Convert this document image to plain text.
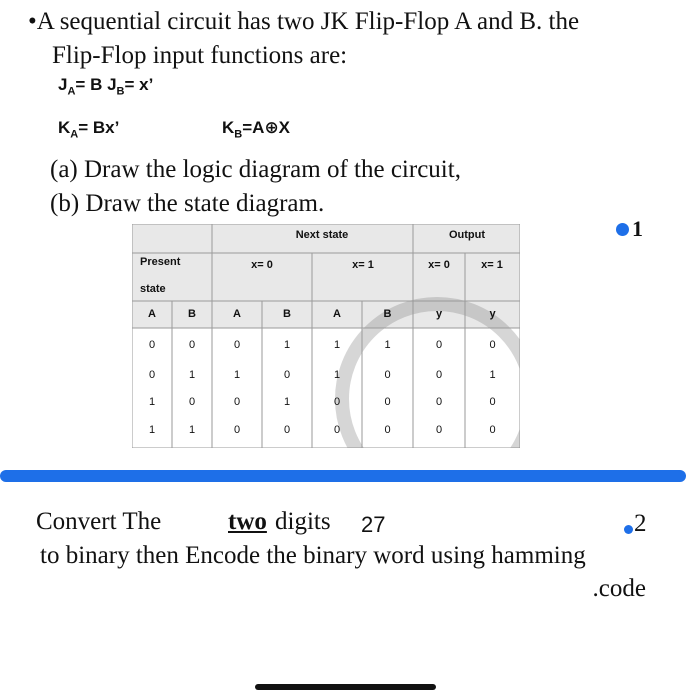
•A sequential circuit has two JK Flip-Flop A and B. the
Flip-Flop input functions are:
$J_A= B$ $J_B= x$’
$K_A= Bx$’	$K_B=A\oplus X$
(a) Draw the logic diagram of the circuit,
(b) Draw the state diagram.
1
Next state	Output
Present
state
x= 0	x= 1	x= 0	x= 1
A	B	A	B	A	B	y	y
0	0	0	1	1	1	0	0
0	1	1	0	1	0	0	1
1	0	0	1	0	0	0	0
1	1	0	0	0	0	0	0
Convert The	two digits 27	2
to binary then Encode the binary word using hamming
.code
